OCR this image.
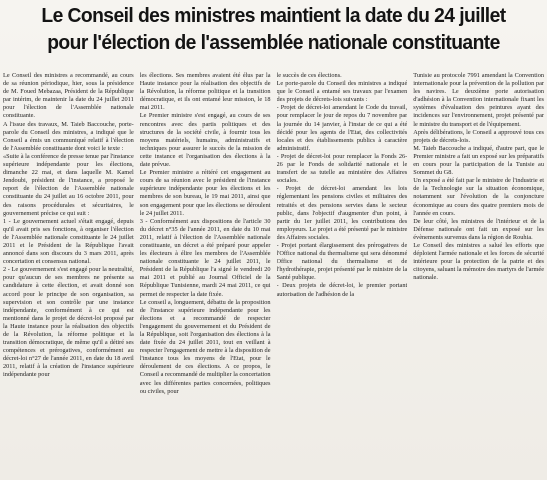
Le Conseil des ministres maintient la date du 24 juillet
pour l'élection de l'assemblée nationale constituante

Le Conseil des ministres a recommandé, au cours de sa réunion périodique, hier, sous la présidence de M. Foued Mebazaa, Président de la République par intérim, de maintenir la date du 24 juillet 2011 pour l'élection de l'Assemblée nationale constituante.

A l'issue des travaux, M. Taieb Baccouche, porte-parole du Conseil des ministres, a indiqué que le Conseil a émis un communiqué relatif à l'élection de l'Assemblée constituante dont voici le texte :

«Suite à la conférence de presse tenue par l'instance supérieure indépendante pour les élections, dimanche 22 mai, et dans laquelle M. Kamel Jendoubi, président de l'instance, a proposé le report de l'élection de l'Assemblée nationale constituante du 24 juillet au 16 octobre 2011, pour des raisons procédurales et sécuritaires, le gouvernement précise ce qui suit :

1 - Le gouvernement actuel s'était engagé, depuis qu'il avait pris ses fonctions, à organiser l'élection de l'Assemblée nationale constituante le 24 juillet 2011 et le Président de la République l'avait annoncé dans son discours du 3 mars 2011, après concertation et consensus national.

2 - Le gouvernement s'est engagé pour la neutralité, pour qu'aucun de ses membres ne présente sa candidature à cette élection, et avait donné son accord pour le principe de son organisation, sa supervision et son contrôle par une instance indépendante, conformément à ce qui est mentionné dans le projet de décret-loi proposé par la Haute instance pour la réalisation des objectifs de la Révolution, la réforme politique et la transition démocratique, de même qu'il a détiré ses compétences et prérogatives, conformément au décret-loi n°27 de l'année 2011, en date du 18 avril 2011, relatif à la création de l'instance supérieure indépendante pour

les élections. Ses membres avaient été élus par la Haute instance pour la réalisation des objectifs de la Révolution, la réforme politique et la transition démocratique, et ils ont entamé leur mission, le 18 mai 2011.

Le Premier ministre s'est engagé, au cours de ses rencontres avec des partis politiques et des structures de la société civile, à fournir tous les moyens matériels, humains, administratifs et techniques pour assurer le succès de la mission de cette instance et l'organisation des élections à la date prévue.

Le Premier ministre a réitéré cet engagement au cours de sa réunion avec le président de l'instance supérieure indépendante pour les élections et les membres de son bureau, le 19 mai 2011, ainsi que son engagement pour que les élections se déroulent le 24 juillet 2011.

3 - Conformément aux dispositions de l'article 30 du décret n°35 de l'année 2011, en date du 10 mai 2011, relatif à l'élection de l'Assemblée nationale constituante, un décret a été préparé pour appeler les électeurs à élire les membres de l'Assemblée nationale constituante le 24 juillet 2011, le Président de la République l'a signé le vendredi 20 mai 2011 et publié au Journal Officiel de la République Tunisienne, mardi 24 mai 2011, ce qui permet de respecter la date fixée.

Le conseil a, longuement, débattu de la proposition de l'instance supérieure indépendante pour les élections et a recommandé de respecter l'engagement du gouvernement et du Président de la République, soit l'organisation des élections à la date fixée du 24 juillet 2011, tout en veillant à respecter l'engagement de mettre à la disposition de l'instance tous les moyens de l'Etat, pour le déroulement de ces élections. A ce propos, le Conseil a recommandé de multiplier la concertation avec les différentes parties concernées, politiques ou civiles, pour

le succès de ces élections.

Le porte-parole du Conseil des ministres a indiqué que le Conseil a entamé ses travaux par l'examen des projets de décrets-lois suivants :

- Projet de décret-loi amendant le Code du travail, pour remplacer le jour de repos du 7 novembre par la journée du 14 janvier, à l'instar de ce qui a été décidé pour les agents de l'Etat, des collectivités locales et des établissements publics à caractère administratif.

- Projet de décret-loi pour remplacer la Fonds 26-26 par le Fonds de solidarité nationale et le transfert de sa tutelle au ministère des Affaires sociales.

- Projet de décret-loi amendant les lois réglementant les pensions civiles et militaires des retraités et des pensions servies dans le secteur public, dans l'objectif d'augmenter d'un point, à partir du 1er juillet 2011, les contributions des employeurs. Le projet a été présenté par le ministre des Affaires sociales.

- Projet portant élargissement des prérogatives de l'Office national du thermalisme qui sera dénommé Office national du thermalisme et de l'hydrothérapie, projet présenté par le ministre de la Santé publique.

- Deux projets de décret-loi, le premier portant autorisation de l'adhésion de la

Tunisie au protocole 7991 amendant la Convention internationale pour la prévention de la pollution par les navires. Le deuxième porte autorisation d'adhésion à la Convention internationale fixant les systèmes d'évaluation des peintures ayant des incidences sur l'environnement, projet présenté par le ministre du transport et de l'équipement.

Après délibérations, le Conseil a approuvé tous ces projets de décrets-lois.

M. Taieb Baccouche a indiqué, d'autre part, que le Premier ministre a fait un exposé sur les préparatifs en cours pour la participation de la Tunisie au Sommet du G8.

Un exposé a été fait par le ministre de l'industrie et de la Technologie sur la situation économique, notamment sur l'évolution de la conjoncture économique au cours des quatre premiers mois de l'année en cours.

De leur côté, les ministres de l'intérieur et de la Défense nationale ont fait un exposé sur les évènements survenus dans la région de Rouhia.

Le Conseil des ministres a salué les efforts que déploient l'armée nationale et les forces de sécurité intérieure pour la protection de la patrie et des citoyens, saluant la mémoire des martyrs de l'armée nationale.
